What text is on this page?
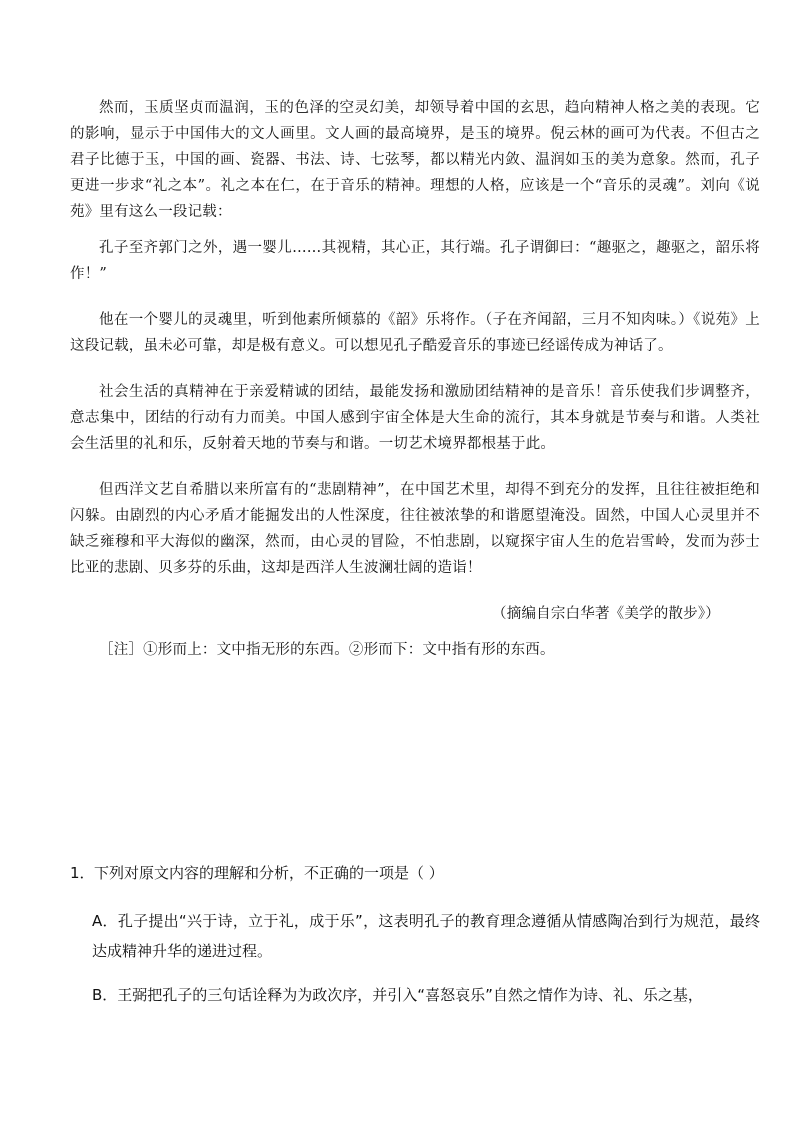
然而，玉质坚贞而温润，玉的色泽的空灵幻美，却领导着中国的玄思，趋向精神人格之美的表现。它的影响，显示于中国伟大的文人画里。文人画的最高境界，是玉的境界。倪云林的画可为代表。不但古之君子比德于玉，中国的画、瓷器、书法、诗、七弦琴，都以精光内敛、温润如玉的美为意象。然而，孔子更进一步求“礼之本”。礼之本在仁，在于音乐的精神。理想的人格，应该是一个“音乐的灵魂”。刘向《说苑》里有这么一段记载：

孔子至齐郭门之外，遇一婴儿……其视精，其心正，其行端。孔子谓御曰：“趣驱之，趣驱之，韶乐将作！”

他在一个婴儿的灵魂里，听到他素所倾慕的《韶》乐将作。（子在齐闻韶，三月不知肉味。）《说苑》上这段记载，虽未必可靠，却是极有意义。可以想见孔子酷爱音乐的事迹已经谣传成为神话了。

社会生活的真精神在于亲爱精诚的团结，最能发扬和激励团结精神的是音乐！音乐使我们步调整齐，意志集中，团结的行动有力而美。中国人感到宇宙全体是大生命的流行，其本身就是节奏与和谐。人类社会生活里的礼和乐，反射着天地的节奏与和谐。一切艺术境界都根基于此。

但西洋文艺自希腊以来所富有的“悲剧精神”，在中国艺术里，却得不到充分的发挥，且往往被拒绝和闪躲。由剧烈的内心矛盾才能掘发出的人性深度，往往被浓挚的和谐愿望淹没。固然，中国人心灵里并不缺乏雍穆和平大海似的幽深，然而，由心灵的冒险，不怕悲剧，以窥探宇宙人生的危岩雪岭，发而为莎士比亚的悲剧、贝多芬的乐曲，这却是西洋人生波澜壮阔的造诣！

（摘编自宗白华著《美学的散步》）

［注］①形而上：文中指无形的东西。②形而下：文中指有形的东西。

1．下列对原文内容的理解和分析，不正确的一项是（ ）

A．孔子提出“兴于诗，立于礼，成于乐”，这表明孔子的教育理念遵循从情感陶冶到行为规范，最终达成精神升华的递进过程。

B．王弼把孔子的三句话诠释为为政次序，并引入“喜怒哀乐”自然之情作为诗、礼、乐之基，
